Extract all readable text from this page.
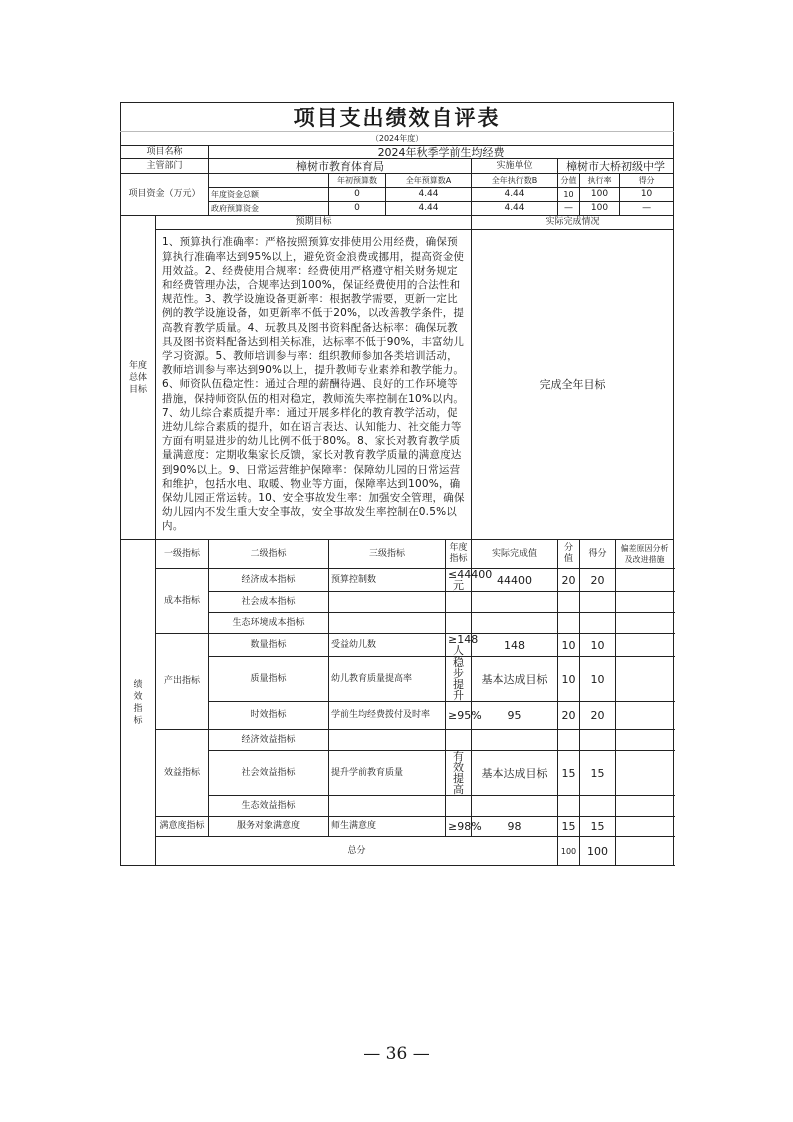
项目支出绩效自评表										
（2024年度）										
项目名称		2024年秋季学前生均经费								
主管部门		樟树市教育体育局				实施单位	樟树市大桥初级中学			
项目资金（万元）			年初预算数	全年预算数A		全年执行数B	分值	执行率		得分
		年度资金总额	0	4.44		4.44	10	100		10
		政府预算资金	0	4.44		4.44	—	100		—

年度
总体
目标	预期目标					实际完成情况				
	1、预算执行准确率：严格按照预算安排使用公用经费，确保预算执行准确率达到95%以上，避免资金浪费或挪用，提高资金使用效益。2、经费使用合规率：经费使用严格遵守相关财务规定和经费管理办法，合规率达到100%，保证经费使用的合法性和规范性。3、教学设施设备更新率：根据教学需要，更新一定比例的教学设施设备，如更新率不低于20%，以改善教学条件，提高教育教学质量。4、玩教具及图书资料配备达标率：确保玩教具及图书资料配备达到相关标准，达标率不低于90%，丰富幼儿学习资源。5、教师培训参与率：组织教师参加各类培训活动，教师培训参与率达到90%以上，提升教师专业素养和教学能力。6、师资队伍稳定性：通过合理的薪酬待遇、良好的工作环境等措施，保持师资队伍的相对稳定，教师流失率控制在10%以内。7、幼儿综合素质提升率：通过开展多样化的教育教学活动，促进幼儿综合素质的提升，如在语言表达、认知能力、社交能力等方面有明显进步的幼儿比例不低于80%。8、家长对教育教学质量满意度：定期收集家长反馈，家长对教育教学质量的满意度达到90%以上。9、日常运营维护保障率：保障幼儿园的日常运营和维护，包括水电、取暖、物业等方面，保障率达到100%，确保幼儿园正常运转。10、安全事故发生率：加强安全管理，确保幼儿园内不发生重大安全事故，安全事故发生率控制在0.5%以内。					完成全年目标				

绩
效
指
标	一级指标	二级指标	三级指标		年度指标	实际完成值	分值	得分	偏差原因分析及改进措施	
	成本指标	经济成本指标	预算控制数		≤44400元	44400	20	20		
		社会成本指标								
		生态环境成本指标								
	产出指标	数量指标	受益幼儿数		≥148人	148	10	10		
		质量指标	幼儿教育质量提高率		稳步提升	基本达成目标	10	10		
		时效指标	学前生均经费拨付及时率		≥95%	95	20	20		
	效益指标	经济效益指标								
		社会效益指标	提升学前教育质量		有效提高	基本达成目标	15	15		
		生态效益指标								
	满意度指标	服务对象满意度	师生满意度		≥98%	98	15	15		
	总分						100	100		
— 36 —
